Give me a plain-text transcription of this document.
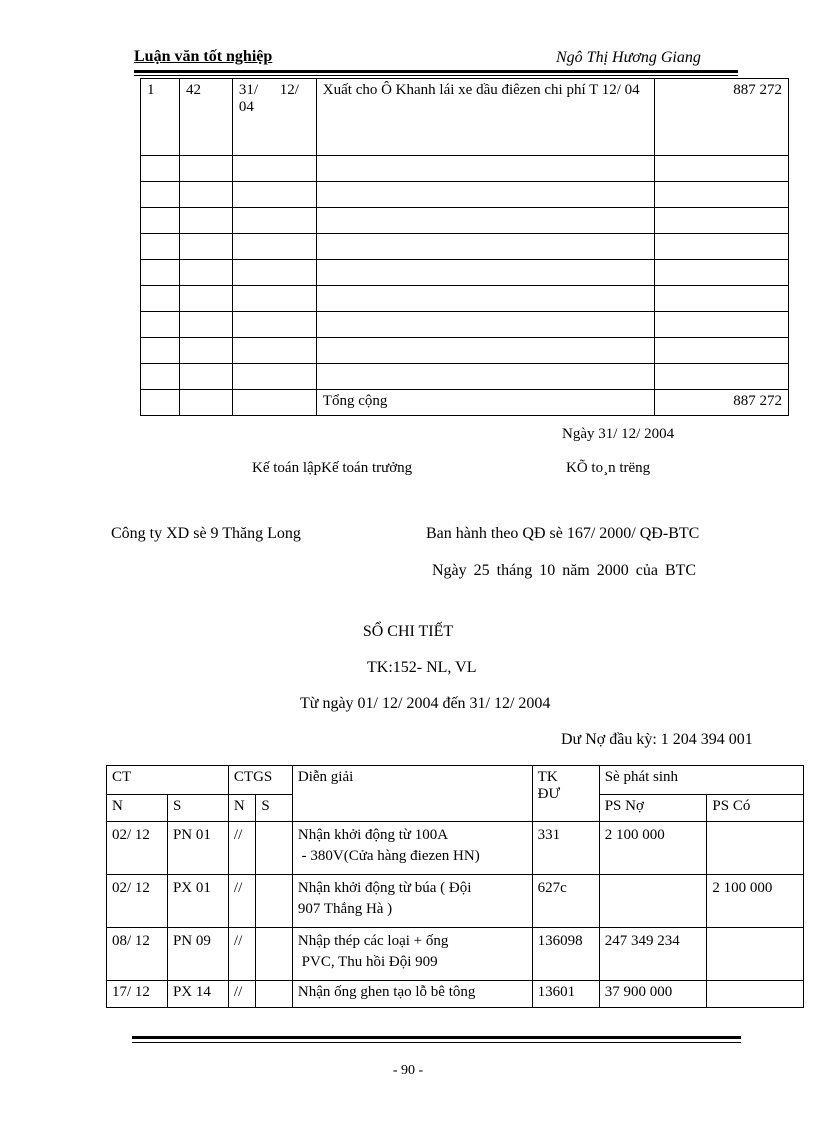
Luận văn tốt nghiệp	Ngô Thị Hương Giang
1	42	31/ 12/ 04	Xuất cho Ô Khanh lái xe dầu điêzen chi phí T 12/ 04	887 272

			Tổng cộng	887 272
Ngày 31/ 12/ 2004
Kế toán lậpKế toán trưởng	KÕ to¸n trëng
Công ty XD sè 9 Thăng Long	Ban hành theo QĐ sè 167/ 2000/ QĐ-BTC
Ngày 25 tháng 10 năm 2000 của BTC
SỔ CHI TIẾT
TK:152- NL, VL
Từ ngày 01/ 12/ 2004 đến 31/ 12/ 2004
Dư Nợ đầu kỳ: 1 204 394 001
CT		CTGS		Diễn giải	TK
ĐƯ	Sè phát sinh	
N	S	N	S			PS Nợ	PS Có
02/ 12	PN 01	//		Nhận khởi động từ 100A
- 380V(Cửa hàng điezen HN)	331	2 100 000	
02/ 12	PX 01	//		Nhận khởi động từ búa ( Đội
907 Thắng Hà )	627c		2 100 000
08/ 12	PN 09	//		Nhập thép các loại + ống
PVC, Thu hồi Đội 909	136098	247 349 234	
17/ 12	PX 14	//		Nhận ống ghen tạo lỗ bê tông	13601	37 900 000	
- 90 -
